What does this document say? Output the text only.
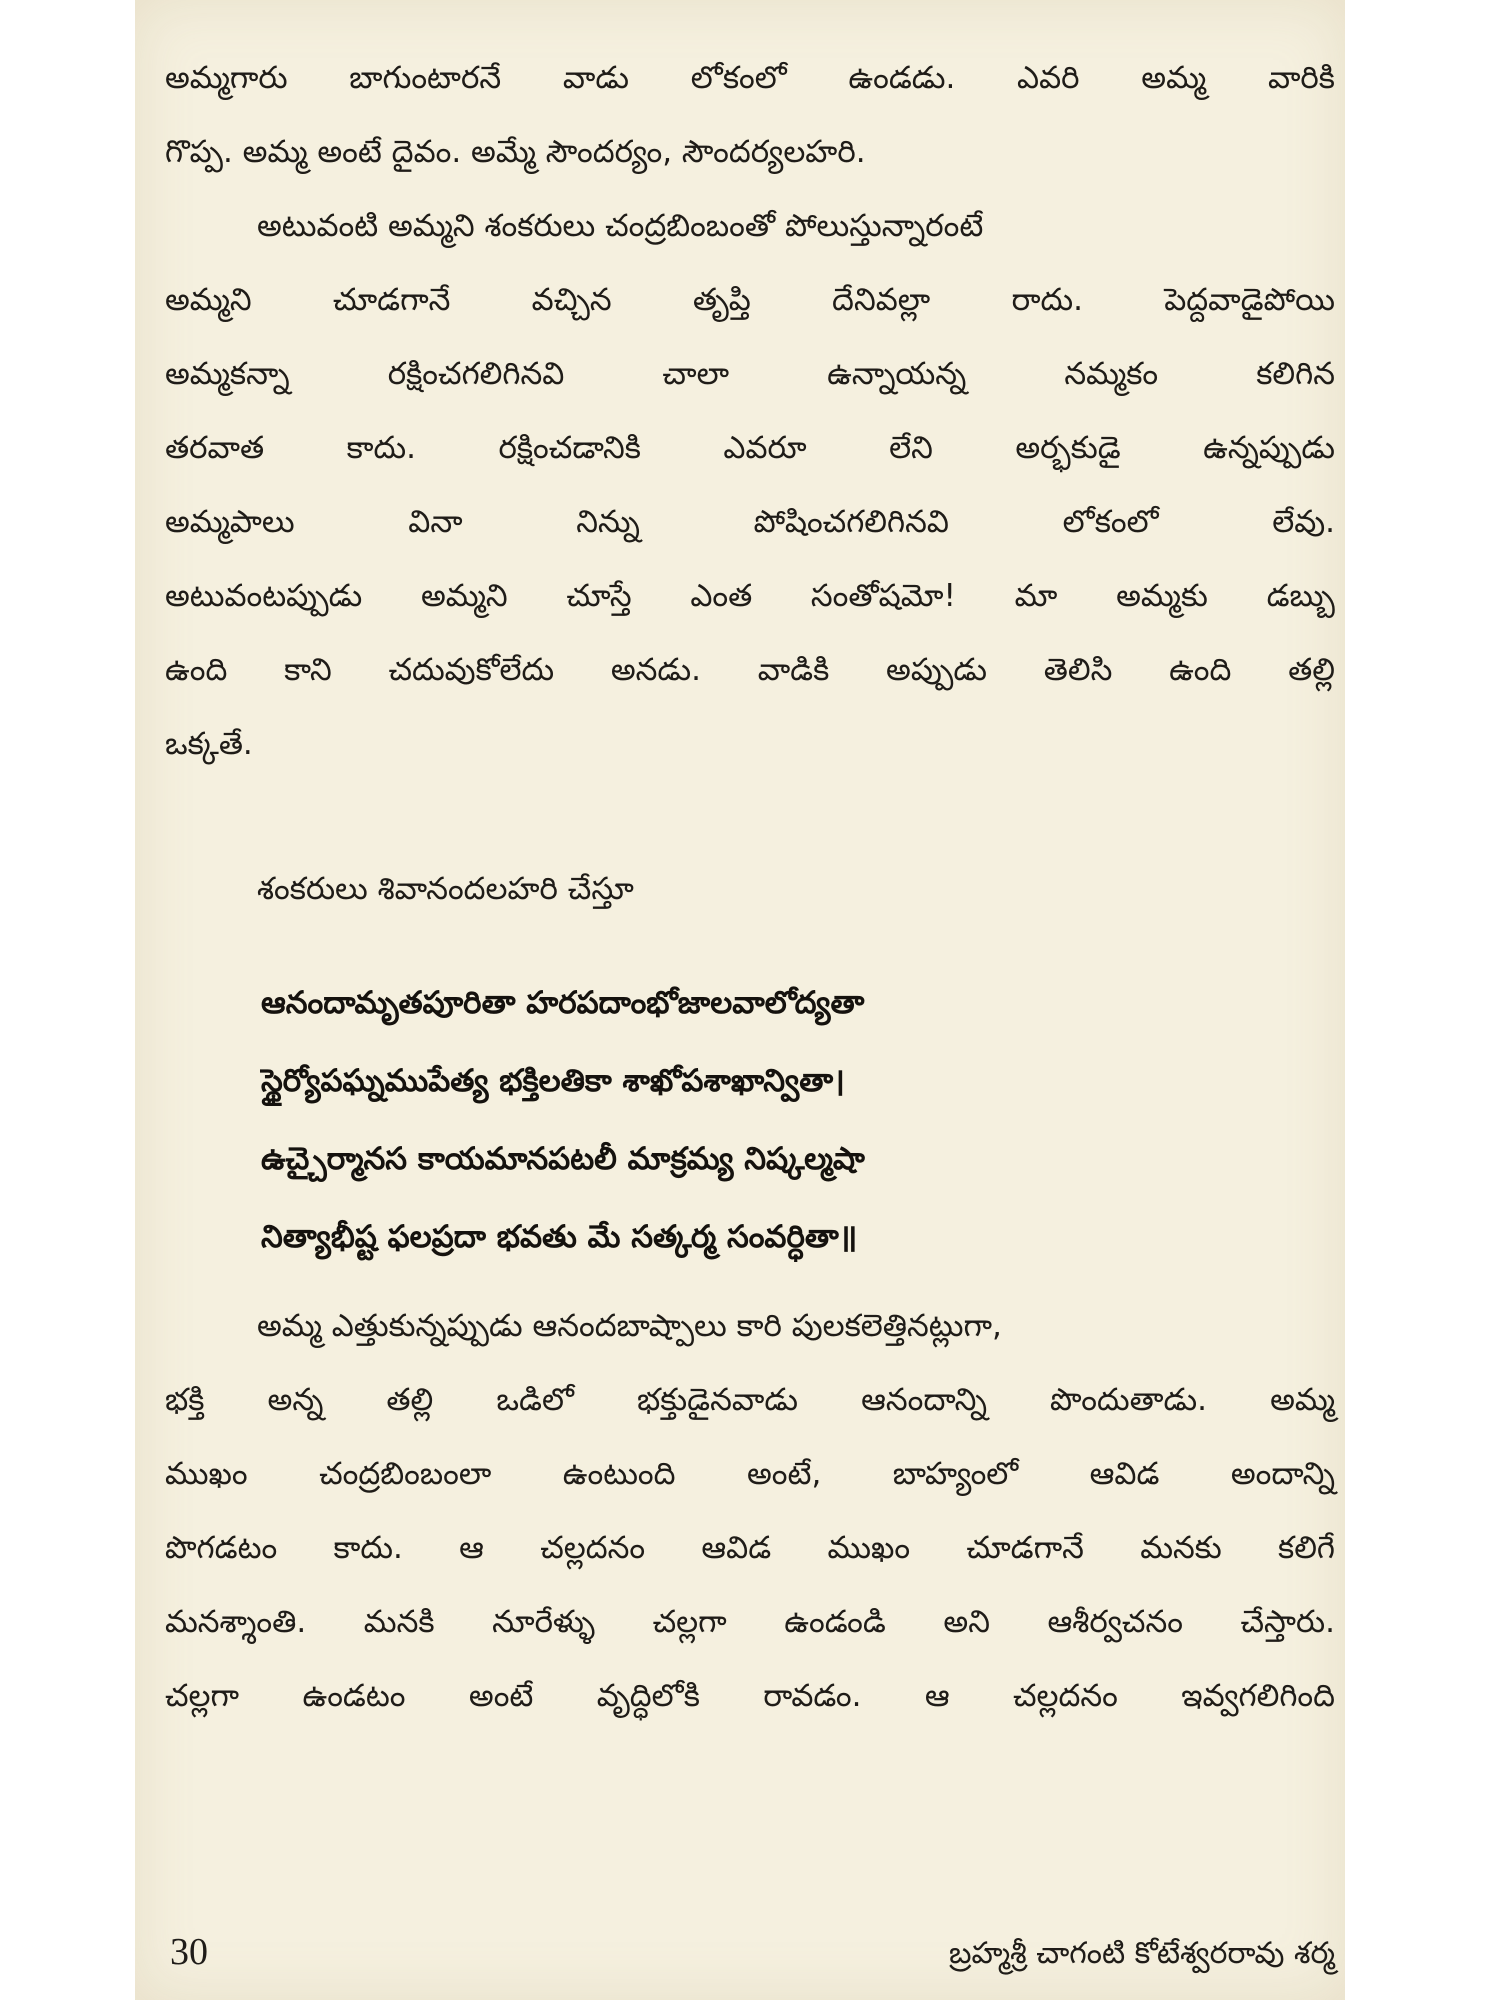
అమ్మగారు బాగుంటారనే వాడు లోకంలో ఉండడు. ఎవరి అమ్మ వారికి
గొప్ప. అమ్మ అంటే దైవం. అమ్మే సౌందర్యం, సౌందర్యలహరి.
అటువంటి అమ్మని శంకరులు చంద్రబింబంతో పోలుస్తున్నారంటే
అమ్మని చూడగానే వచ్చిన తృప్తి దేనివల్లా రాదు. పెద్దవాడైపోయి
అమ్మకన్నా రక్షించగలిగినవి చాలా ఉన్నాయన్న నమ్మకం కలిగిన
తరవాత కాదు. రక్షించడానికి ఎవరూ లేని అర్భకుడై ఉన్నప్పుడు
అమ్మపాలు వినా నిన్ను పోషించగలిగినవి లోకంలో లేవు.
అటువంటప్పుడు అమ్మని చూస్తే ఎంత సంతోషమో! మా అమ్మకు డబ్బు
ఉంది కాని చదువుకోలేదు అనడు. వాడికి అప్పుడు తెలిసి ఉంది తల్లి
ఒక్కతే.
శంకరులు శివానందలహరి చేస్తూ
ఆనందామృతపూరితా హరపదాంభోజాలవాలోద్యతా
స్థైర్యోపఘ్నముపేత్య భక్తిలతికా శాఖోపశాఖాన్వితా।
ఉచ్చైర్మానస కాయమానపటలీ మాక్రమ్య నిష్కల్మషా
నిత్యాభీష్ట ఫలప్రదా భవతు మే సత్కర్మ సంవర్ధితా॥
అమ్మ ఎత్తుకున్నప్పుడు ఆనందబాష్పాలు కారి పులకలెత్తినట్లుగా,
భక్తి అన్న తల్లి ఒడిలో భక్తుడైనవాడు ఆనందాన్ని పొందుతాడు. అమ్మ
ముఖం చంద్రబింబంలా ఉంటుంది అంటే, బాహ్యంలో ఆవిడ అందాన్ని
పొగడటం కాదు. ఆ చల్లదనం ఆవిడ ముఖం చూడగానే మనకు కలిగే
మనశ్శాంతి. మనకి నూరేళ్ళు చల్లగా ఉండండి అని ఆశీర్వచనం చేస్తారు.
చల్లగా ఉండటం అంటే వృద్ధిలోకి రావడం. ఆ చల్లదనం ఇవ్వగలిగింది
30	బ్రహ్మశ్రీ చాగంటి కోటేశ్వరరావు శర్మ
